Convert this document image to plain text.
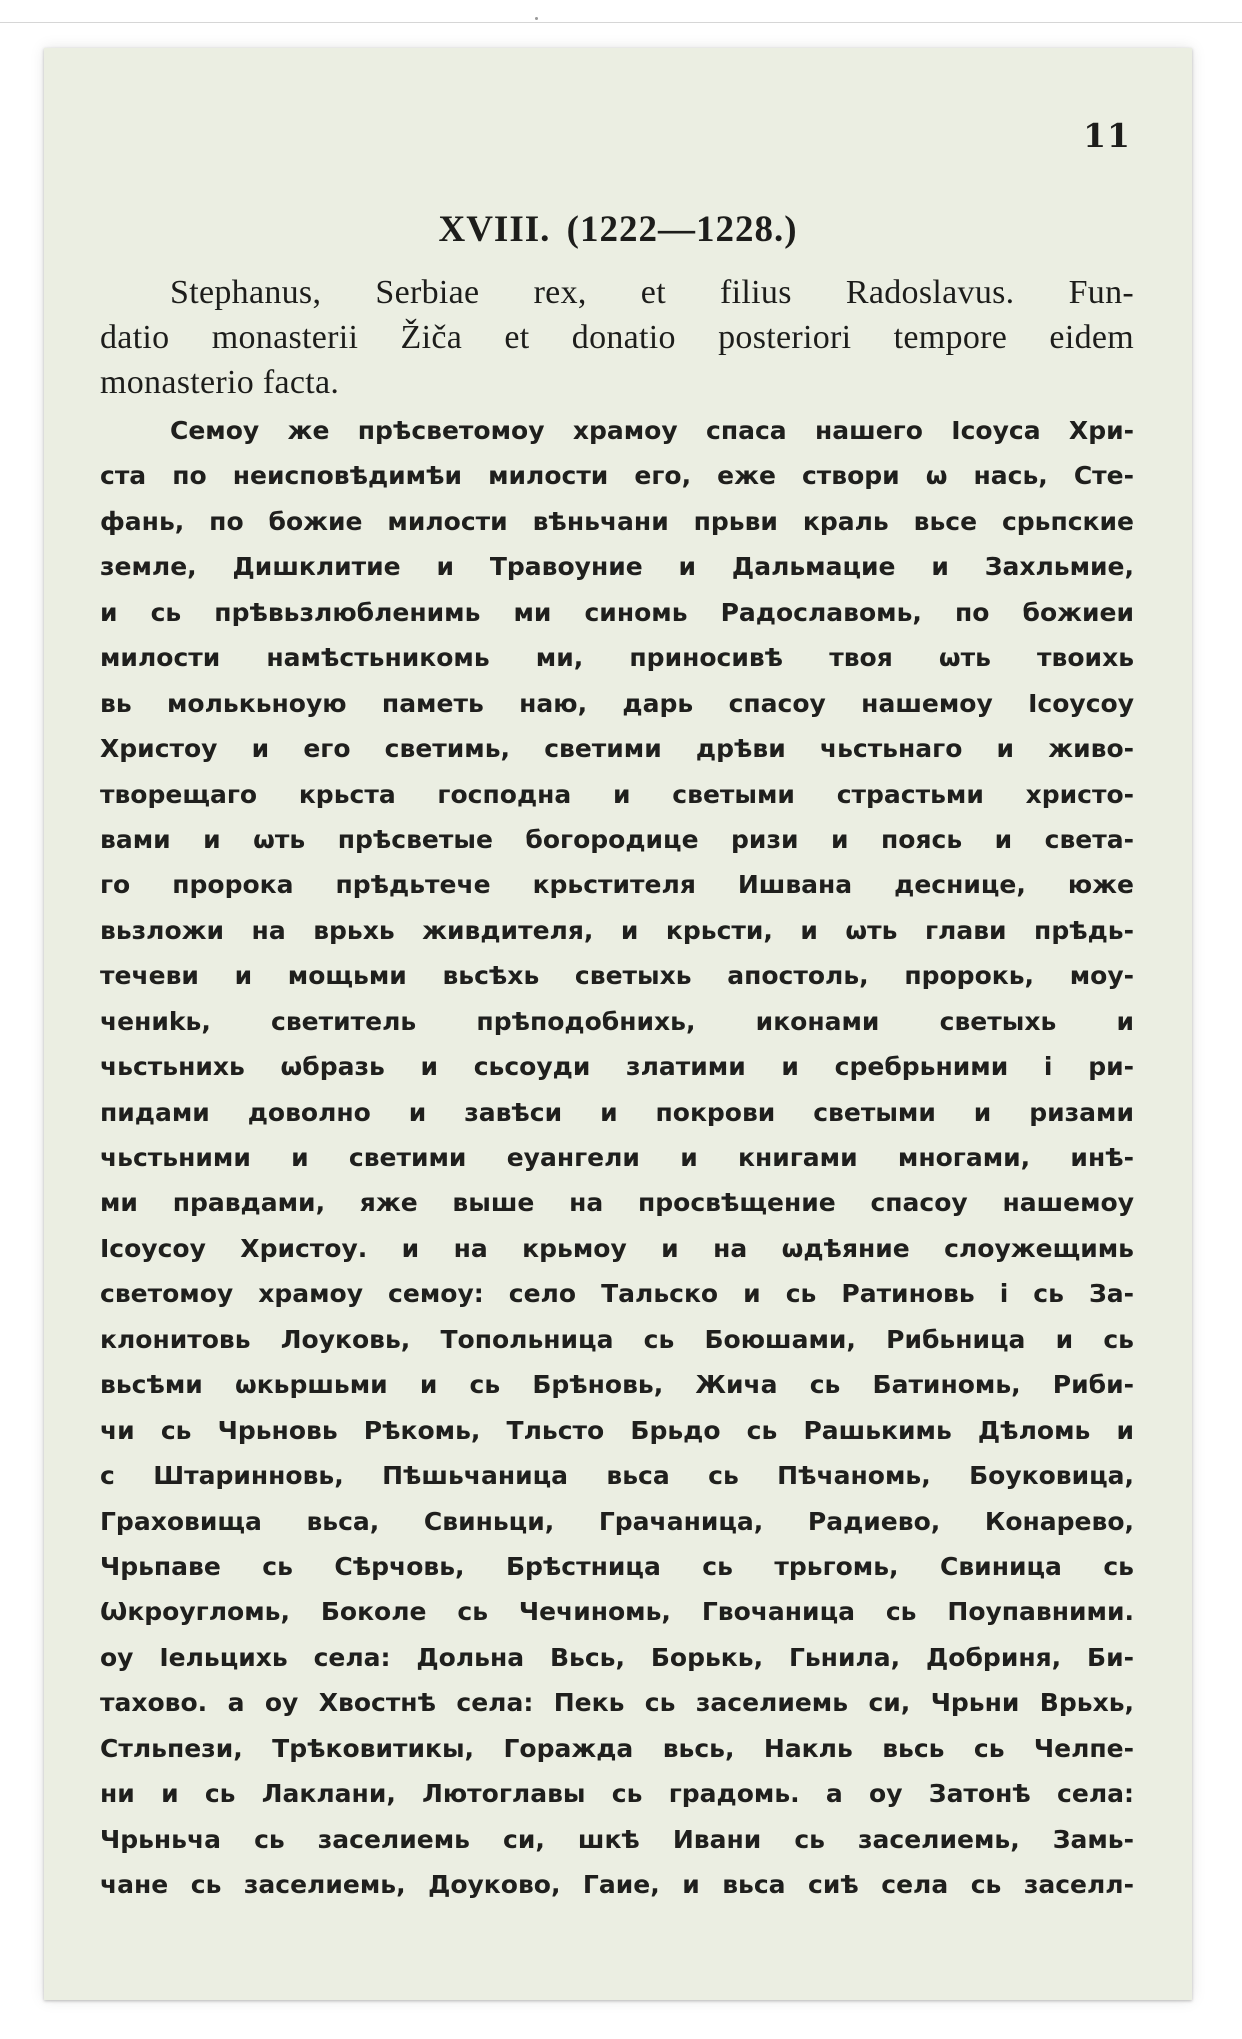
11
XVIII. (1222—1228.)
Stephanus, Serbiae rex, et filius Radoslavus. Fun-
datio monasterii Žiča et donatio posteriori tempore eidem
monasterio facta.
Семоу же прѣсветомоу храмоу спаса нашего Ісоуса Хри-
ста по неисповѣдимѣи милости его, еже створи ѡ нась, Сте-
фань, по божие милости вѣньчани прьви краль вьсе срьпские
земле, Дишклитие и Травоуние и Дальмацие и Захльмие,
и сь прѣвьзлюбленимь ми синомь Радославомь, по божиеи
милости намѣстьникомь ми, приносивѣ твоя ѡть твоихь
вь молькьноую паметь наю, дарь спасоу нашемоу Ісоусоу
Христоу и его светимь, светими дрѣви чьстьнаго и живо-
творещаго крьста господна и светыми страстьми христо-
вами и ѡть прѣсветые богородице ризи и поясь и света-
го пророка прѣдьтече крьстителя Ишвана деснице, юже
вьзложи на врьхь живдителя, и крьсти, и ѡть глави прѣдь-
течеви и мощьми вьсѣхь светыхь апостоль, пророкь, моу-
чениkь, светитель прѣподобнихь, иконами светыхь и
чьстьнихь ѡбразь и сьсоуди златими и сребрьними і ри-
пидами доволно и завѣси и покрови светыми и ризами
чьстьними и светими еуангели и книгами многами, инѣ-
ми правдами, яже выше на просвѣщение спасоу нашемоу
Ісоусоу Христоу. и на крьмоу и на ѡдѣяние слоужещимь
светомоу храмоу семоу: село Тальско и сь Ратиновь і сь За-
клонитовь Лоуковь, Топольница сь Боюшами, Рибьница и сь
вьсѣми ѡкьршьми и сь Брѣновь, Жича сь Батиномь, Риби-
чи сь Чрьновь Рѣкомь, Тльсто Брьдо сь Рашькимь Дѣломь и
с Штаринновь, Пѣшьчаница вьса сь Пѣчаномь, Боуковица,
Граховища вьса, Свиньци, Грачаница, Радиево, Конарево,
Чрьпаве сь Сѣрчовь, Брѣстница сь трьгомь, Свиница сь
Ѡкроугломь, Боколе сь Чечиномь, Гвочаница сь Поупавними.
оу Іельцихь села: Дольна Вьсь, Борькь, Гьнила, Добриня, Би-
тахово. а оу Хвостнѣ села: Пекь сь заселиемь си, Чрьни Врьхь,
Стльпези, Трѣковитикы, Горажда вьсь, Накль вьсь сь Челпе-
ни и сь Лаклани, Лютоглавы сь градомь. а оу Затонѣ села:
Чрьньча сь заселиемь си, шкѣ Ивани сь заселиемь, Замь-
чане сь заселиемь, Доуково, Гаие, и вьса сиѣ села сь заселл-
